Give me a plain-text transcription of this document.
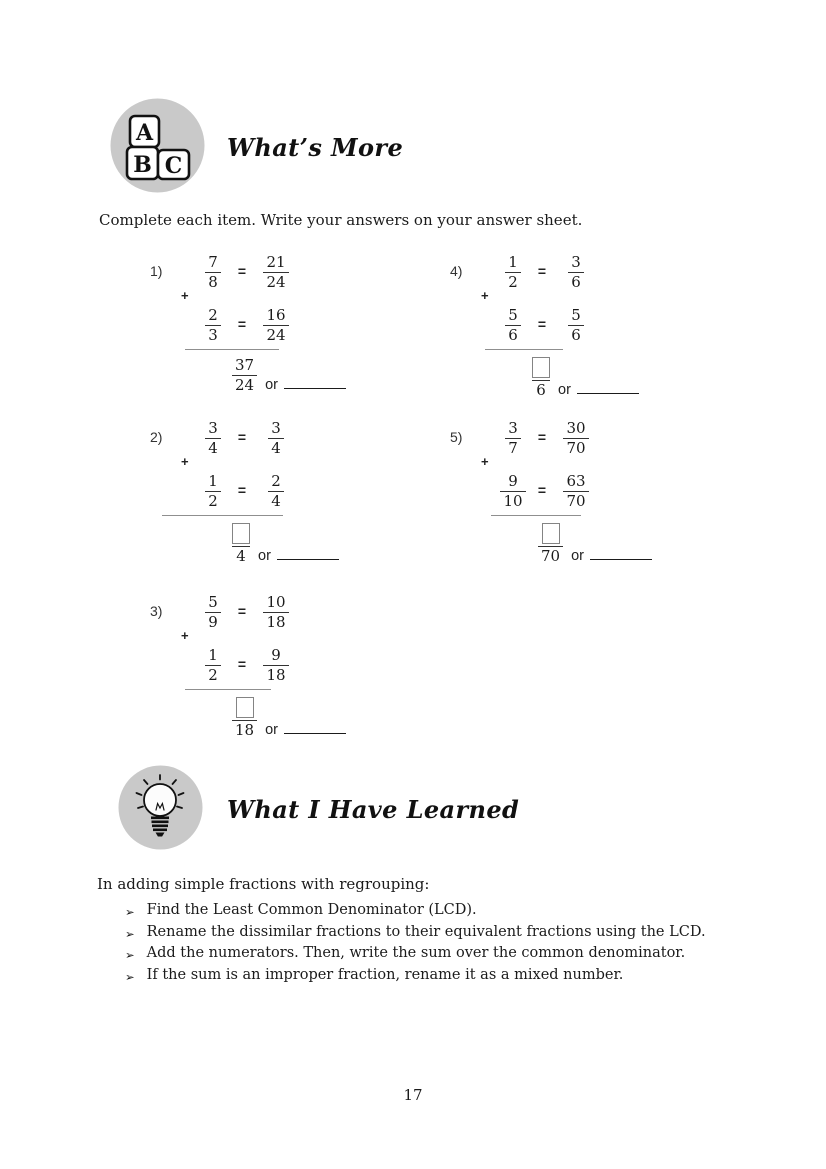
A
B C
What’s More

Complete each item. Write your answers on your answer sheet.

1)
+
$\frac{7}{8}$	=	$\frac{21}{24}$
$\frac{2}{3}$	=	$\frac{16}{24}$
$\frac{37}{24}$ or
2)
+
$\frac{3}{4}$	=	$\frac{3}{4}$
$\frac{1}{2}$	=	$\frac{2}{4}$
4 or
3)
+
$\frac{5}{9}$	=	$\frac{10}{18}$
$\frac{1}{2}$	=	$\frac{9}{18}$
18 or
4)
+
$\frac{1}{2}$	=	$\frac{3}{6}$
$\frac{5}{6}$	=	$\frac{5}{6}$
6 or
5)
+
$\frac{3}{7}$	=	$\frac{30}{70}$
$\frac{9}{10}$ =	$\frac{63}{70}$
70 or
What I Have Learned

In adding simple fractions with regrouping:

➢ Find the Least Common Denominator (LCD).
➢ Rename the dissimilar fractions to their equivalent fractions using the LCD.
➢ Add the numerators. Then, write the sum over the common denominator.
➢ If the sum is an improper fraction, rename it as a mixed number.
17
